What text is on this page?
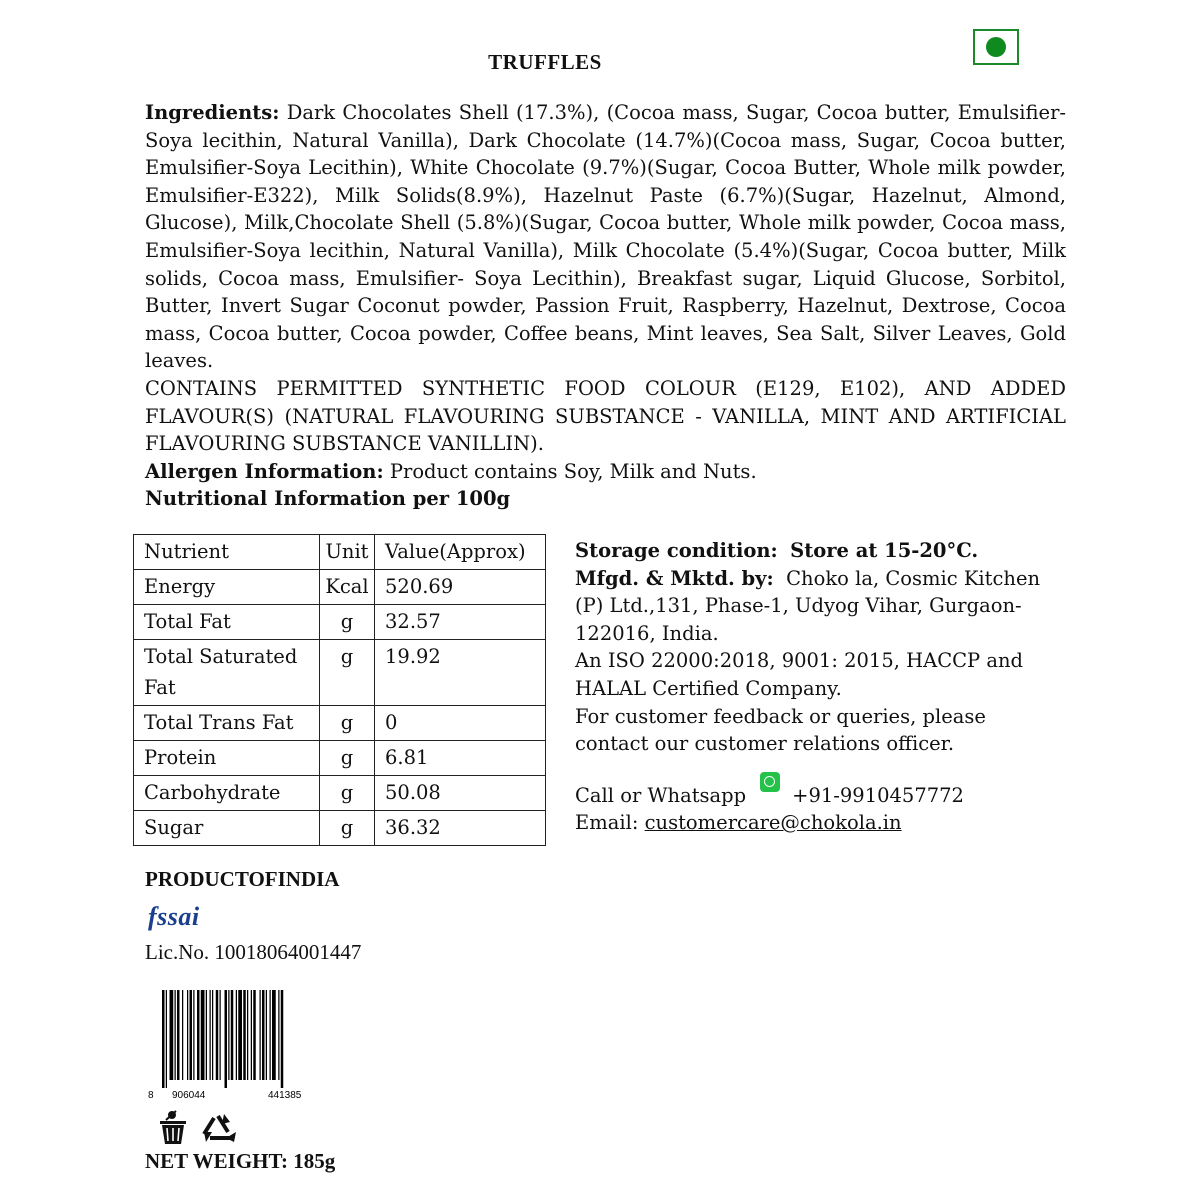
TRUFFLES

Ingredients: Dark Chocolates Shell (17.3%), (Cocoa mass, Sugar, Cocoa butter, Emulsifier-Soya lecithin, Natural Vanilla), Dark Chocolate (14.7%)(Cocoa mass, Sugar, Cocoa butter, Emulsifier-Soya Lecithin), White Chocolate (9.7%)(Sugar, Cocoa Butter, Whole milk powder, Emulsifier-E322), Milk Solids(8.9%), Hazelnut Paste (6.7%)(Sugar, Hazelnut, Almond, Glucose), Milk,Chocolate Shell (5.8%)(Sugar, Cocoa butter, Whole milk powder, Cocoa mass, Emulsifier-Soya lecithin, Natural Vanilla), Milk Chocolate (5.4%)(Sugar, Cocoa butter, Milk solids, Cocoa mass, Emulsifier- Soya Lecithin), Breakfast sugar, Liquid Glucose, Sorbitol, Butter, Invert Sugar Coconut powder, Passion Fruit, Raspberry, Hazelnut, Dextrose, Cocoa mass, Cocoa butter, Cocoa powder, Coffee beans, Mint leaves, Sea Salt, Silver Leaves, Gold leaves.

CONTAINS PERMITTED SYNTHETIC FOOD COLOUR (E129, E102), AND ADDED FLAVOUR(S) (NATURAL FLAVOURING SUBSTANCE - VANILLA, MINT AND ARTIFICIAL FLAVOURING SUBSTANCE VANILLIN).

Allergen Information: Product contains Soy, Milk and Nuts.

Nutritional Information per 100g

Nutrient	Unit	Value(Approx)
Energy	Kcal	520.69
Total Fat	g	32.57
Total Saturated Fat	g	19.92
Total Trans Fat	g	0
Protein	g	6.81
Carbohydrate	g	50.08
Sugar	g	36.32

Storage condition: Store at 15-20°C.

Mfgd. & Mktd. by: Choko la, Cosmic Kitchen (P) Ltd.,131, Phase-1, Udyog Vihar, Gurgaon-122016, India.

An ISO 22000:2018, 9001: 2015, HACCP and HALAL Certified Company.

For customer feedback or queries, please contact our customer relations officer.

Call or Whatsapp +91-9910457772

Email: customercare@chokola.in

PRODUCTOFINDIA
fssai
Lic.No. 10018064001447
8 906044	441385
NET WEIGHT: 185g
